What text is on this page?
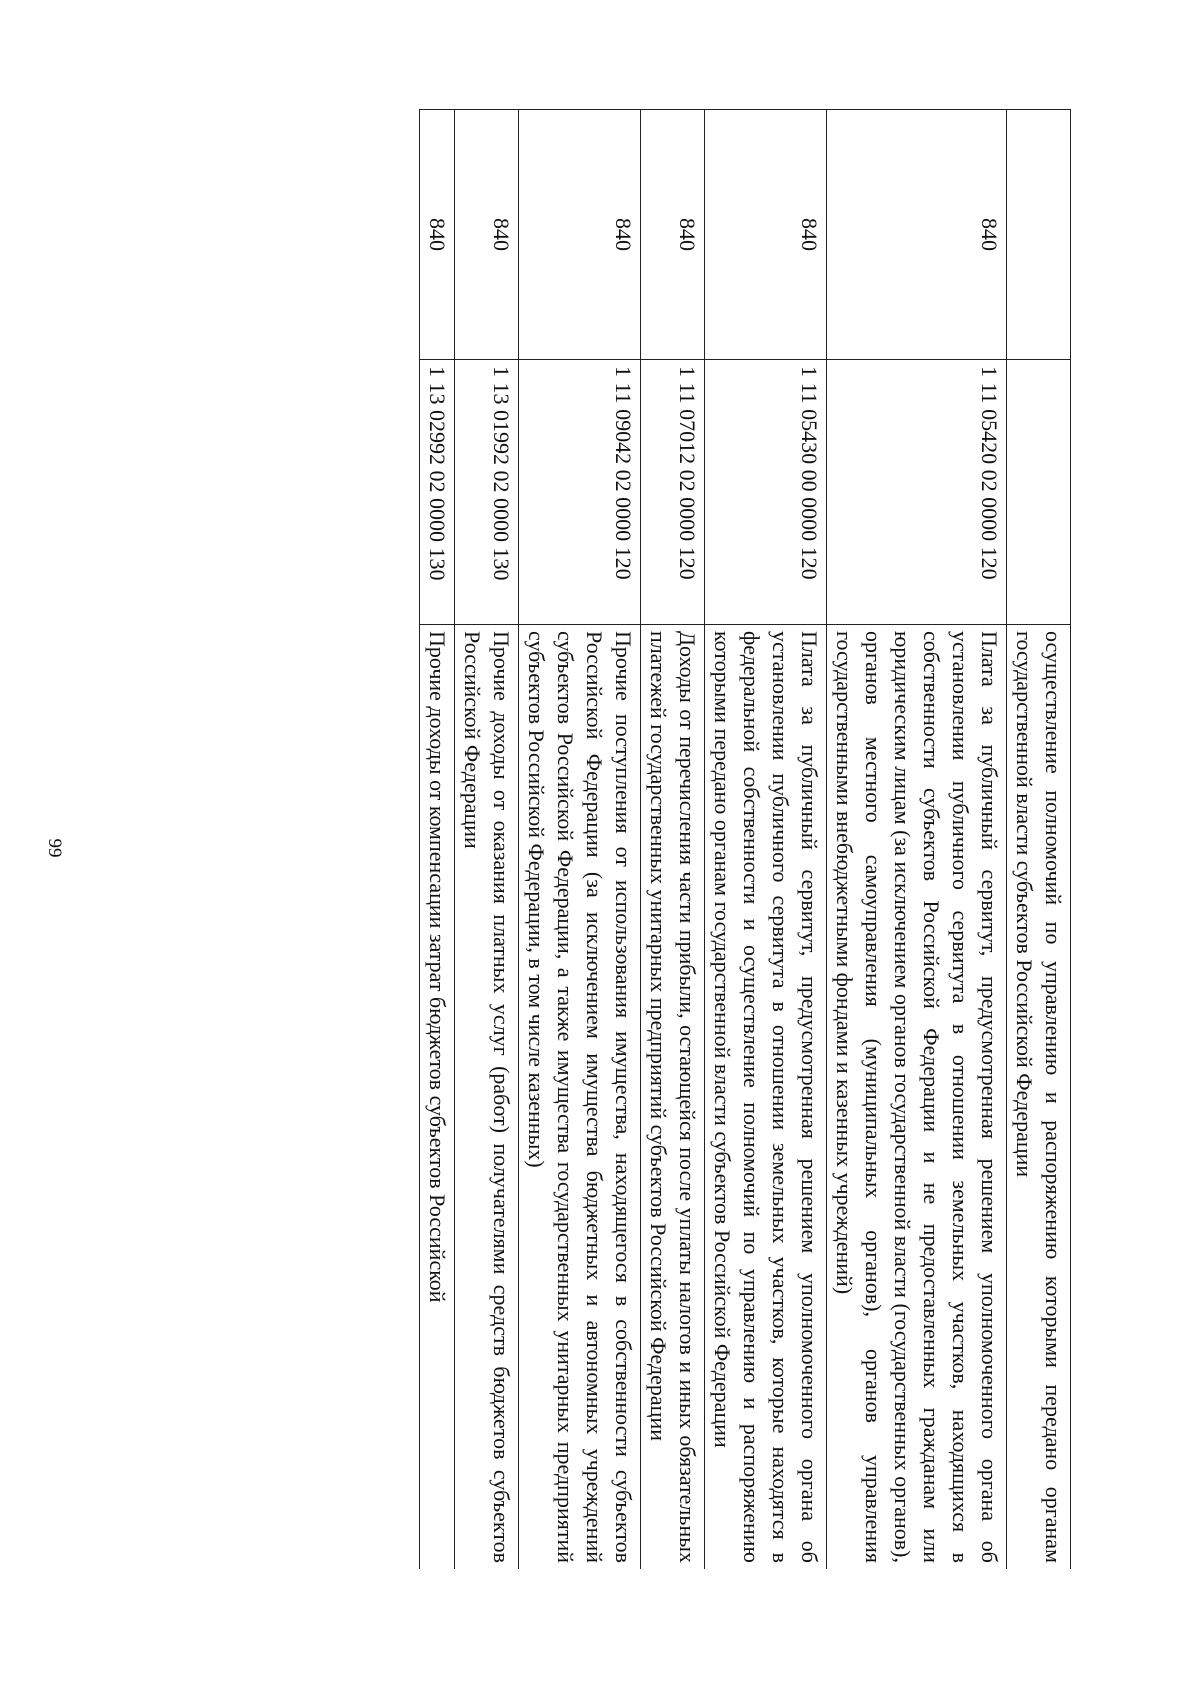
99
			осуществление полномочий по управлению и распоряжению которыми передано органам государственной власти субъектов Российской Федерации
840	1 11 05420 02 0000 120	Плата за публичный сервитут, предусмотренная решением уполномоченного органа об установлении публичного сервитута в отношении земельных участков, находящихся в собственности субъектов Российской Федерации и не предоставленных гражданам или юридическим лицам (за исключением органов государственной власти (государственных органов), органов местного самоуправления (муниципальных органов), органов управления государственными внебюджетными фондами и казенных учреждений)
840	1 11 05430 00 0000 120	Плата за публичный сервитут, предусмотренная решением уполномоченного органа об установлении публичного сервитута в отношении земельных участков, которые находятся в федеральной собственности и осуществление полномочий по управлению и распоряжению которыми передано органам государственной власти субъектов Российской Федерации
840	1 11 07012 02 0000 120	Доходы от перечисления части прибыли, остающейся после уплаты налогов и иных обязательных платежей государственных унитарных предприятий субъектов Российской Федерации
840	1 11 09042 02 0000 120	Прочие поступления от использования имущества, находящегося в собственности субъектов Российской Федерации (за исключением имущества бюджетных и автономных учреждений субъектов Российской Федерации, а также имущества государственных унитарных предприятий субъектов Российской Федерации, в том числе казенных)
840	1 13 01992 02 0000 130	Прочие доходы от оказания платных услуг (работ) получателями средств бюджетов субъектов Российской Федерации
840	1 13 02992 02 0000 130	Прочие доходы от компенсации затрат бюджетов субъектов Российской
